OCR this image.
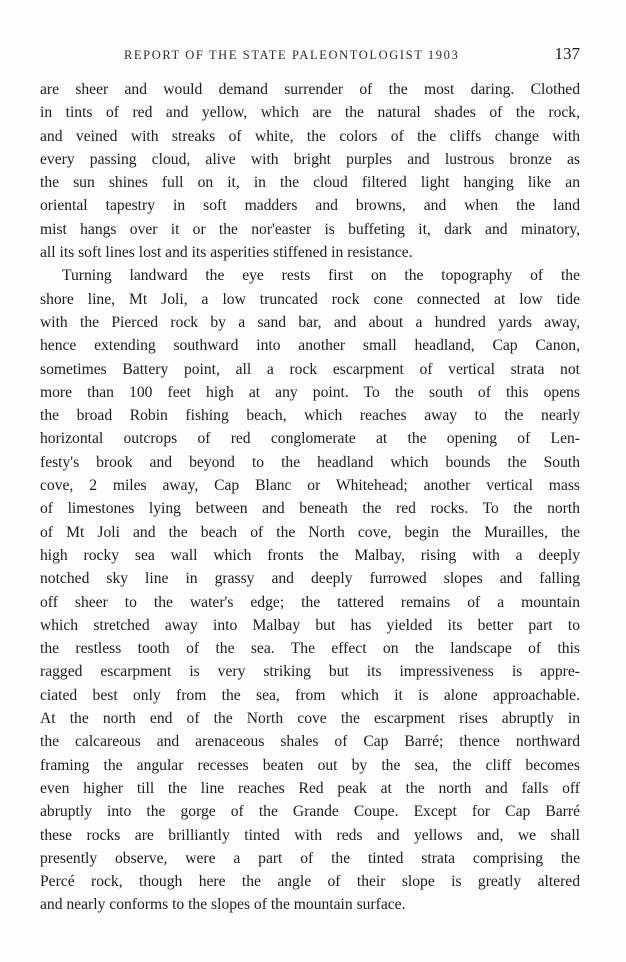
REPORT OF THE STATE PALEONTOLOGIST 1903	137
are sheer and would demand surrender of the most daring. Clothed
in tints of red and yellow, which are the natural shades of the rock,
and veined with streaks of white, the colors of the cliffs change with
every passing cloud, alive with bright purples and lustrous bronze as
the sun shines full on it, in the cloud filtered light hanging like an
oriental tapestry in soft madders and browns, and when the land
mist hangs over it or the nor'easter is buffeting it, dark and minatory,
all its soft lines lost and its asperities stiffened in resistance.
Turning landward the eye rests first on the topography of the
shore line, Mt Joli, a low truncated rock cone connected at low tide
with the Pierced rock by a sand bar, and about a hundred yards away,
hence extending southward into another small headland, Cap Canon,
sometimes Battery point, all a rock escarpment of vertical strata not
more than 100 feet high at any point. To the south of this opens
the broad Robin fishing beach, which reaches away to the nearly
horizontal outcrops of red conglomerate at the opening of Len-
festy's brook and beyond to the headland which bounds the South
cove, 2 miles away, Cap Blanc or Whitehead; another vertical mass
of limestones lying between and beneath the red rocks. To the north
of Mt Joli and the beach of the North cove, begin the Murailles, the
high rocky sea wall which fronts the Malbay, rising with a deeply
notched sky line in grassy and deeply furrowed slopes and falling
off sheer to the water's edge; the tattered remains of a mountain
which stretched away into Malbay but has yielded its better part to
the restless tooth of the sea. The effect on the landscape of this
ragged escarpment is very striking but its impressiveness is appre-
ciated best only from the sea, from which it is alone approachable.
At the north end of the North cove the escarpment rises abruptly in
the calcareous and arenaceous shales of Cap Barré; thence northward
framing the angular recesses beaten out by the sea, the cliff becomes
even higher till the line reaches Red peak at the north and falls off
abruptly into the gorge of the Grande Coupe. Except for Cap Barré
these rocks are brilliantly tinted with reds and yellows and, we shall
presently observe, were a part of the tinted strata comprising the
Percé rock, though here the angle of their slope is greatly altered
and nearly conforms to the slopes of the mountain surface.
